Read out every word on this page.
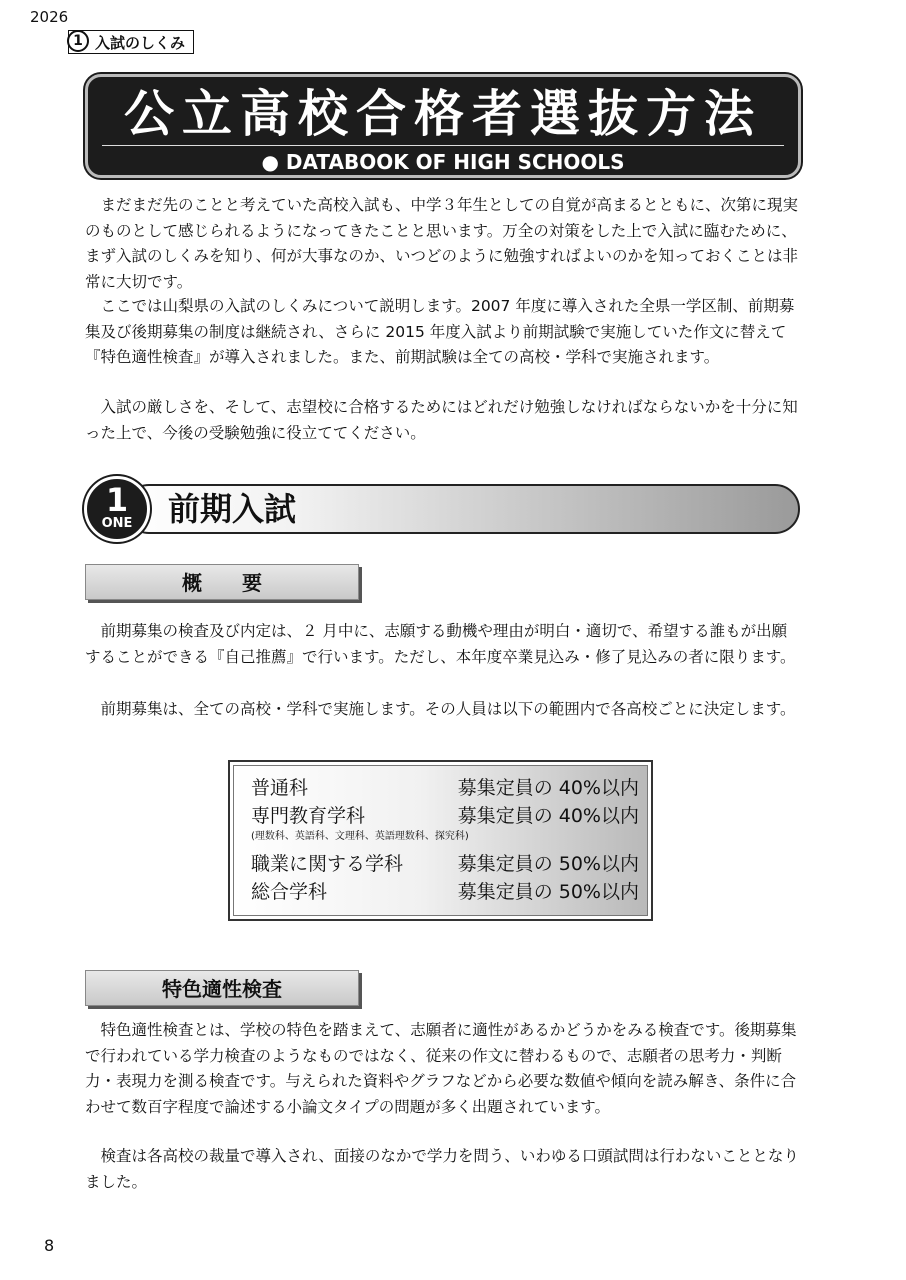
2026
1 入試のしくみ
公立高校合格者選抜方法
● DATABOOK OF HIGH SCHOOLS

まだまだ先のことと考えていた高校入試も、中学３年生としての自覚が高まるとともに、次第に現実のものとして感じられるようになってきたことと思います。万全の対策をした上で入試に臨むために、まず入試のしくみを知り、何が大事なのか、いつどのように勉強すればよいのかを知っておくことは非常に大切です。

ここでは山梨県の入試のしくみについて説明します。2007 年度に導入された全県一学区制、前期募集及び後期募集の制度は継続され、さらに 2015 年度入試より前期試験で実施していた作文に替えて『特色適性検査』が導入されました。また、前期試験は全ての高校・学科で実施されます。

入試の厳しさを、そして、志望校に合格するためにはどれだけ勉強しなければならないかを十分に知った上で、今後の受験勉強に役立ててください。

1
ONE	前期入試
概　　要

前期募集の検査及び内定は、２ 月中に、志願する動機や理由が明白・適切で、希望する誰もが出願することができる『自己推薦』で行います。ただし、本年度卒業見込み・修了見込みの者に限ります。

前期募集は、全ての高校・学科で実施します。その人員は以下の範囲内で各高校ごとに決定します。

普通科	募集定員の 40%以内
専門教育学科	募集定員の 40%以内
(理数科、英語科、文理科、英語理数科、探究科)
職業に関する学科	募集定員の 50%以内
総合学科	募集定員の 50%以内
特色適性検査

特色適性検査とは、学校の特色を踏まえて、志願者に適性があるかどうかをみる検査です。後期募集で行われている学力検査のようなものではなく、従来の作文に替わるもので、志願者の思考力・判断力・表現力を測る検査です。与えられた資料やグラフなどから必要な数値や傾向を読み解き、条件に合わせて数百字程度で論述する小論文タイプの問題が多く出題されています。

検査は各高校の裁量で導入され、面接のなかで学力を問う、いわゆる口頭試問は行わないこととなりました。

8
